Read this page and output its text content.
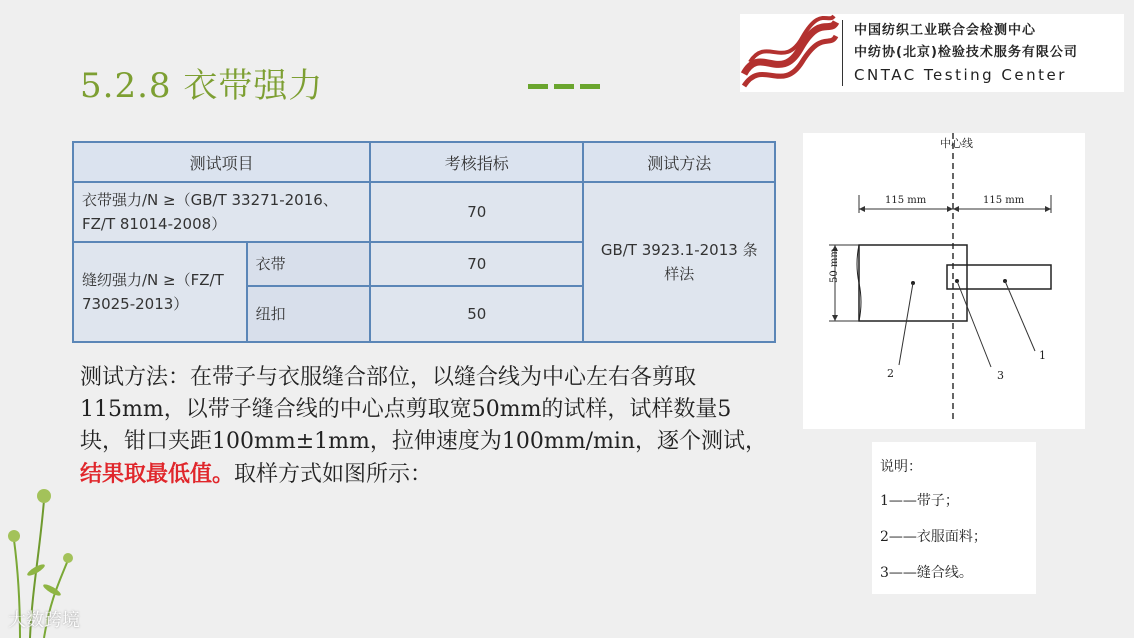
5.2.8 衣带强力
中国纺织工业联合会检测中心
中纺协(北京)检验技术服务有限公司
CNTAC Testing Center
测试项目		考核指标	测试方法
衣带强力/N ≥（GB/T 33271-2016、FZ/T 81014-2008）		70	GB/T 3923.1-2013 条样法
缝纫强力/N ≥（FZ/T 73025-2013）	衣带	70	
	纽扣	50	
测试方法：在带子与衣服缝合部位，以缝合线为中心左右各剪取115mm，以带子缝合线的中心点剪取宽50mm的试样，试样数量5块，钳口夹距100mm±1mm，拉伸速度为100mm/min，逐个测试，结果取最低值。取样方式如图所示：
中心线
115 mm	115 mm
50 mm
2	3
1
说明：
1——带子；
2——衣服面料；
3——缝合线。
大数跨境
